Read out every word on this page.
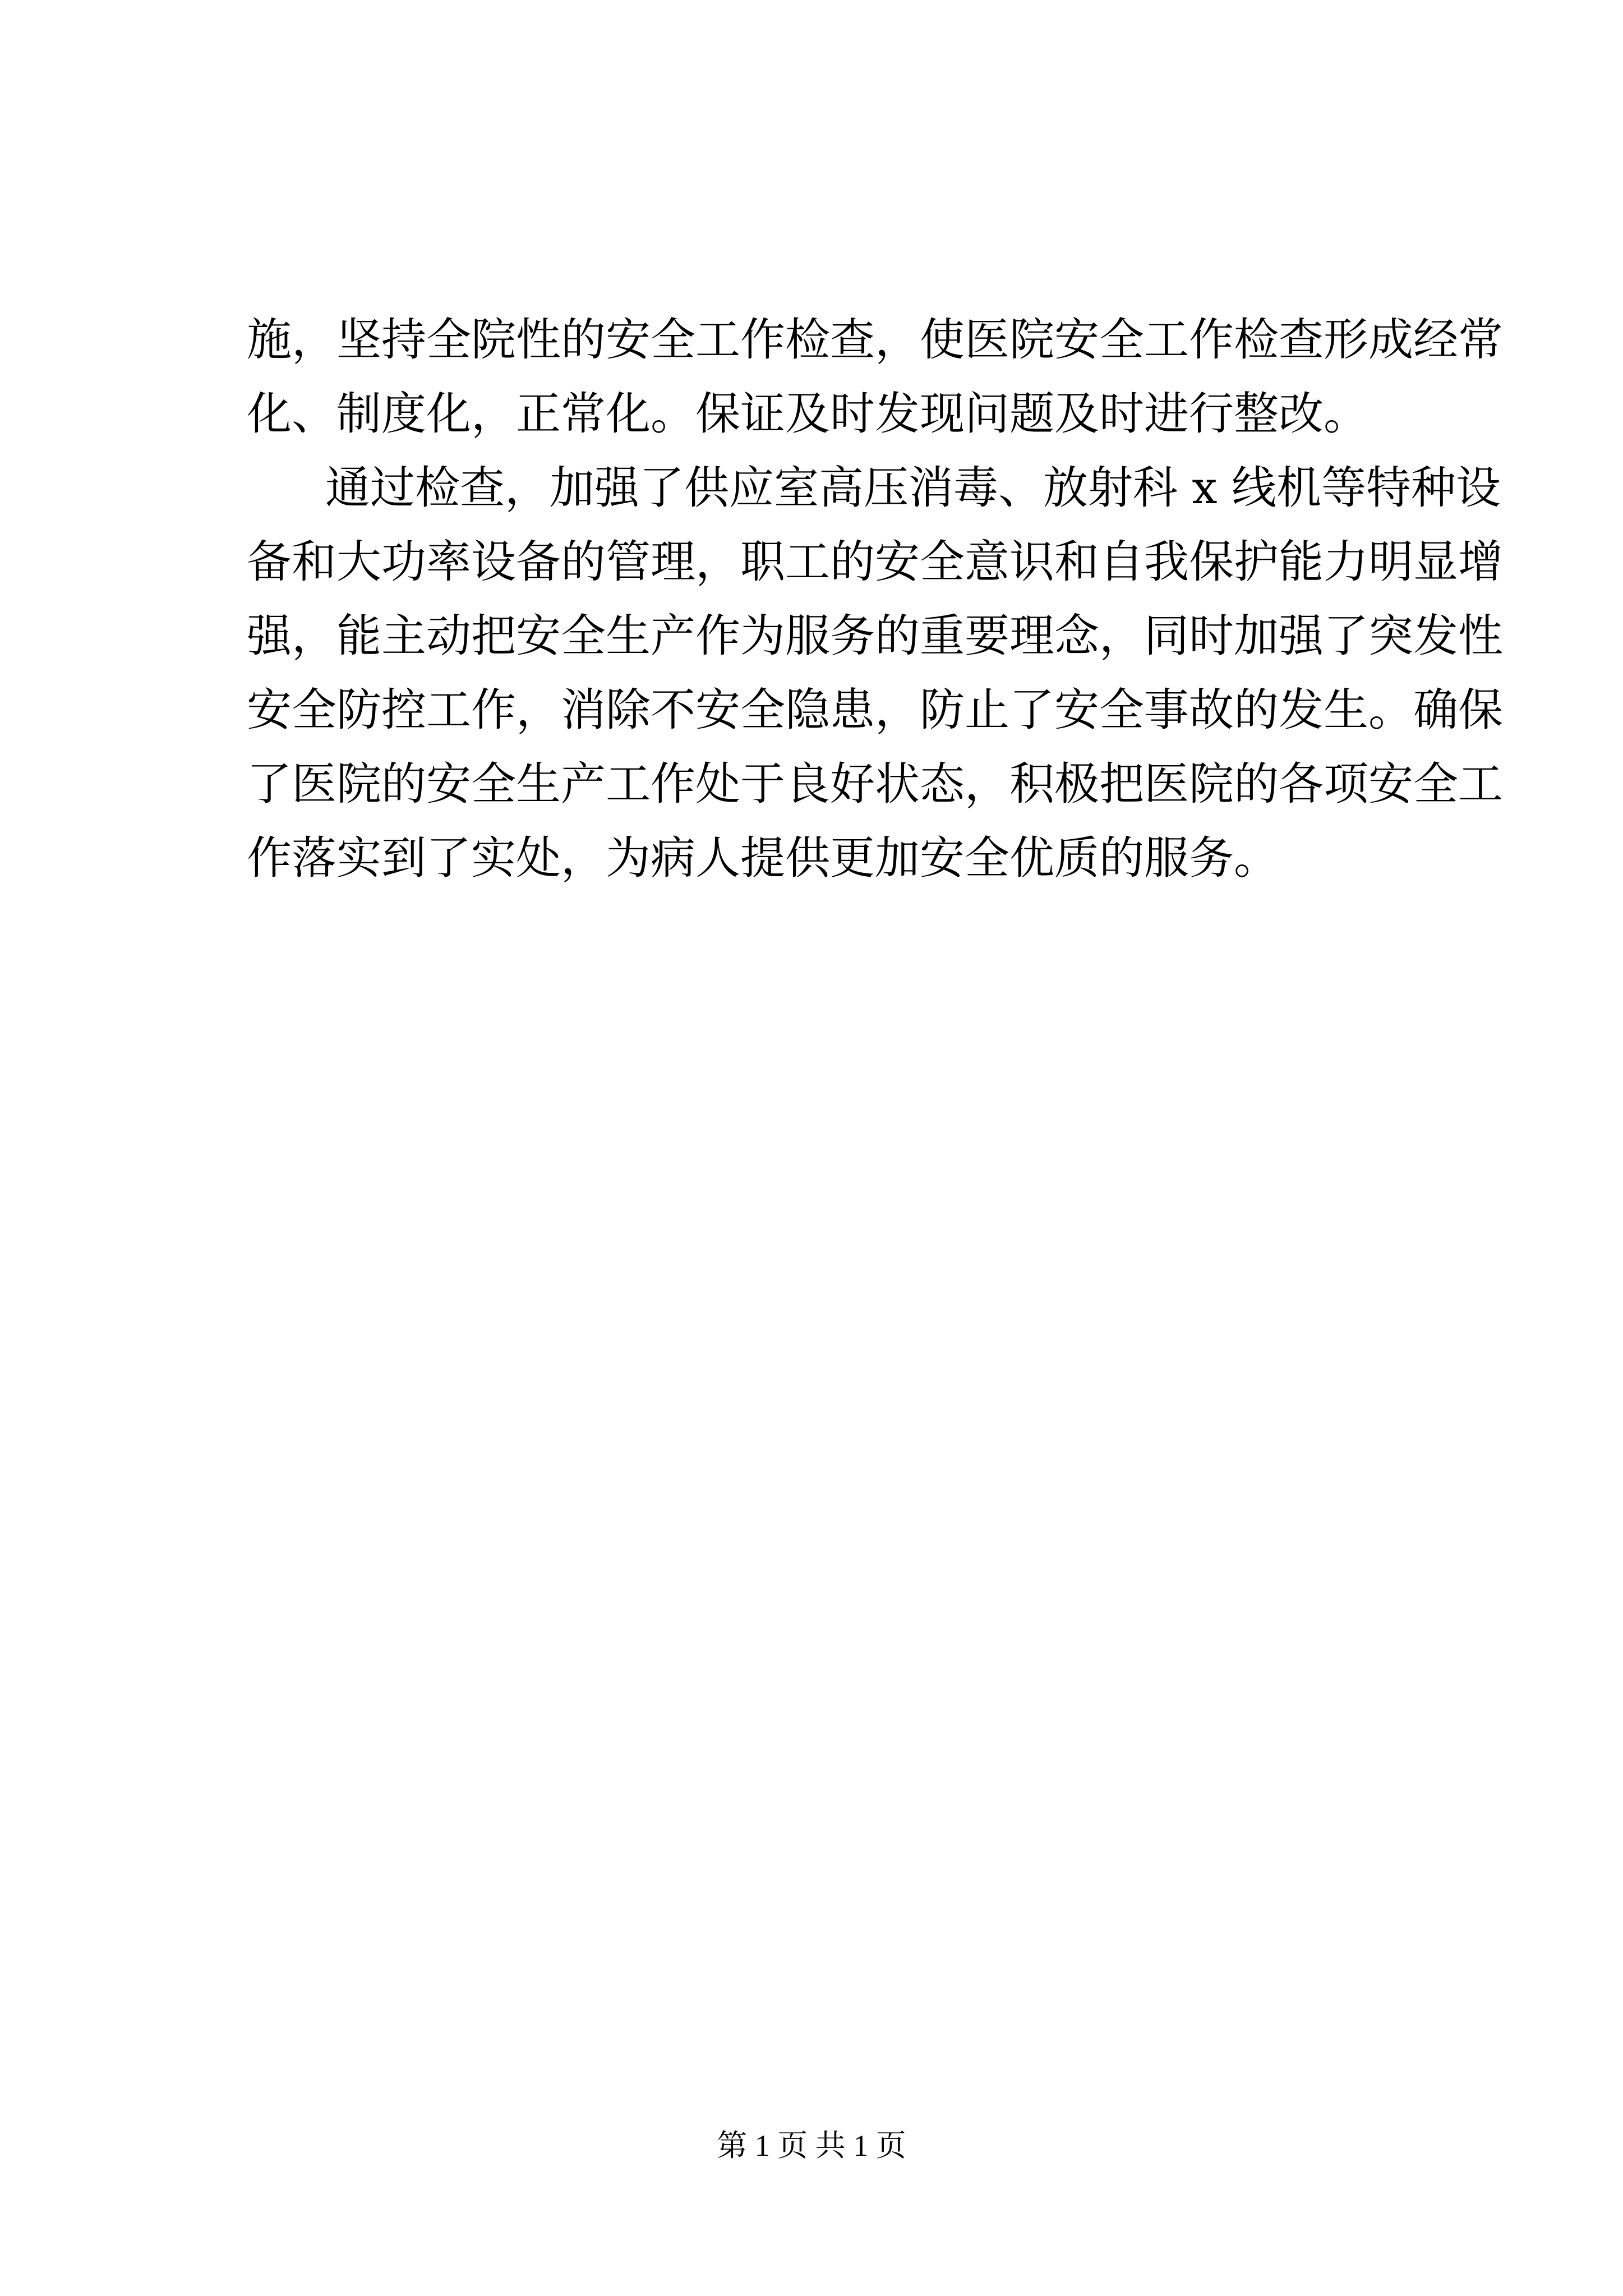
施，坚持全院性的安全工作检查，使医院安全工作检查形成经常
化、制度化，正常化。保证及时发现问题及时进行整改。
通过检查，加强了供应室高压消毒、放射科 x 线机等特种设
备和大功率设备的管理，职工的安全意识和自我保护能力明显增
强，能主动把安全生产作为服务的重要理念，同时加强了突发性
安全防控工作，消除不安全隐患，防止了安全事故的发生。确保
了医院的安全生产工作处于良好状态，积极把医院的各项安全工
作落实到了实处，为病人提供更加安全优质的服务。
第 1 页 共 1 页
